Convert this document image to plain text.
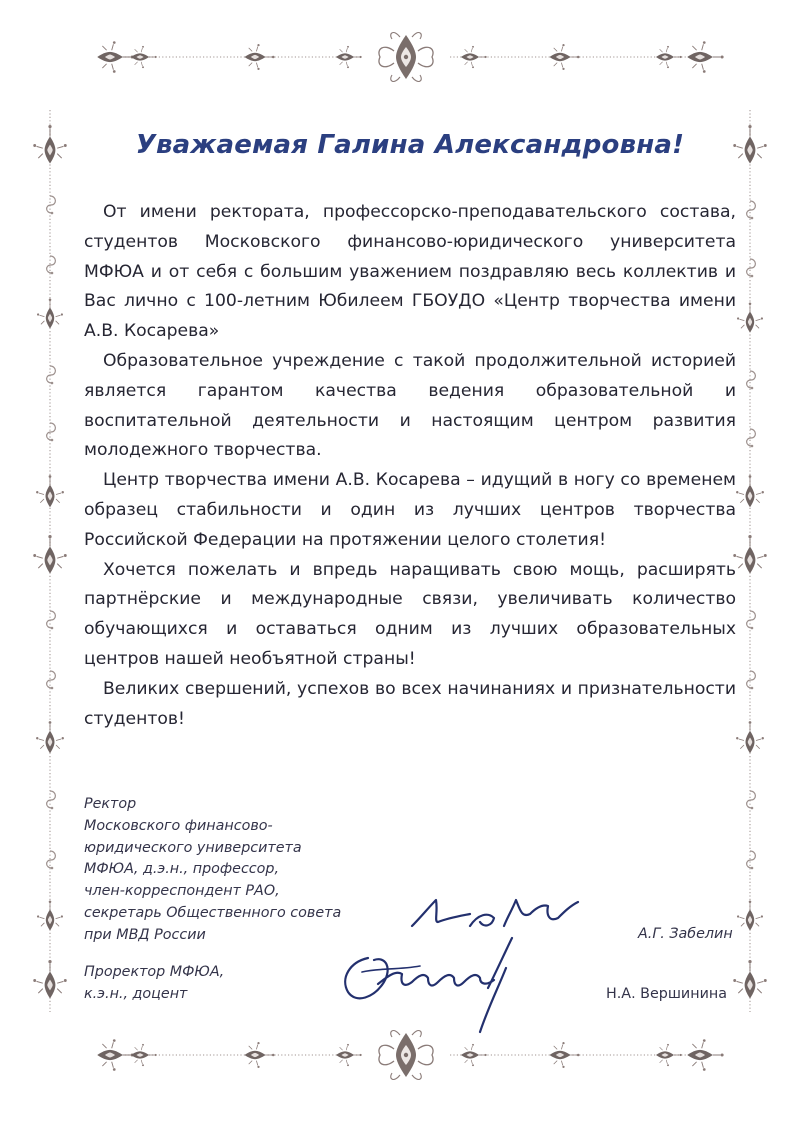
Уважаемая Галина Александровна!

От имени ректората, профессорско-преподавательского состава, студентов Московского финансово-юридического университета МФЮА и от себя с большим уважением поздравляю весь коллектив и Вас лично с 100-летним Юбилеем ГБОУДО «Центр творчества имени А.В. Косарева»

Образовательное учреждение с такой продолжительной историей является гарантом качества ведения образовательной и воспитательной деятельности и настоящим центром развития молодежного творчества.

Центр творчества имени А.В. Косарева – идущий в ногу со временем образец стабильности и один из лучших центров творчества Российской Федерации на протяжении целого столетия!

Хочется пожелать и впредь наращивать свою мощь, расширять партнёрские и международные связи, увеличивать количество обучающихся и оставаться одним из лучших образовательных центров нашей необъятной страны!

Великих свершений, успехов во всех начинаниях и признательности студентов!

Ректор
Московского финансово-
юридического университета
МФЮА, д.э.н., профессор,
член-корреспондент РАО,
секретарь Общественного совета
при МВД России	А.Г. Забелин
Проректор МФЮА,
к.э.н., доцент	Н.А. Вершинина
